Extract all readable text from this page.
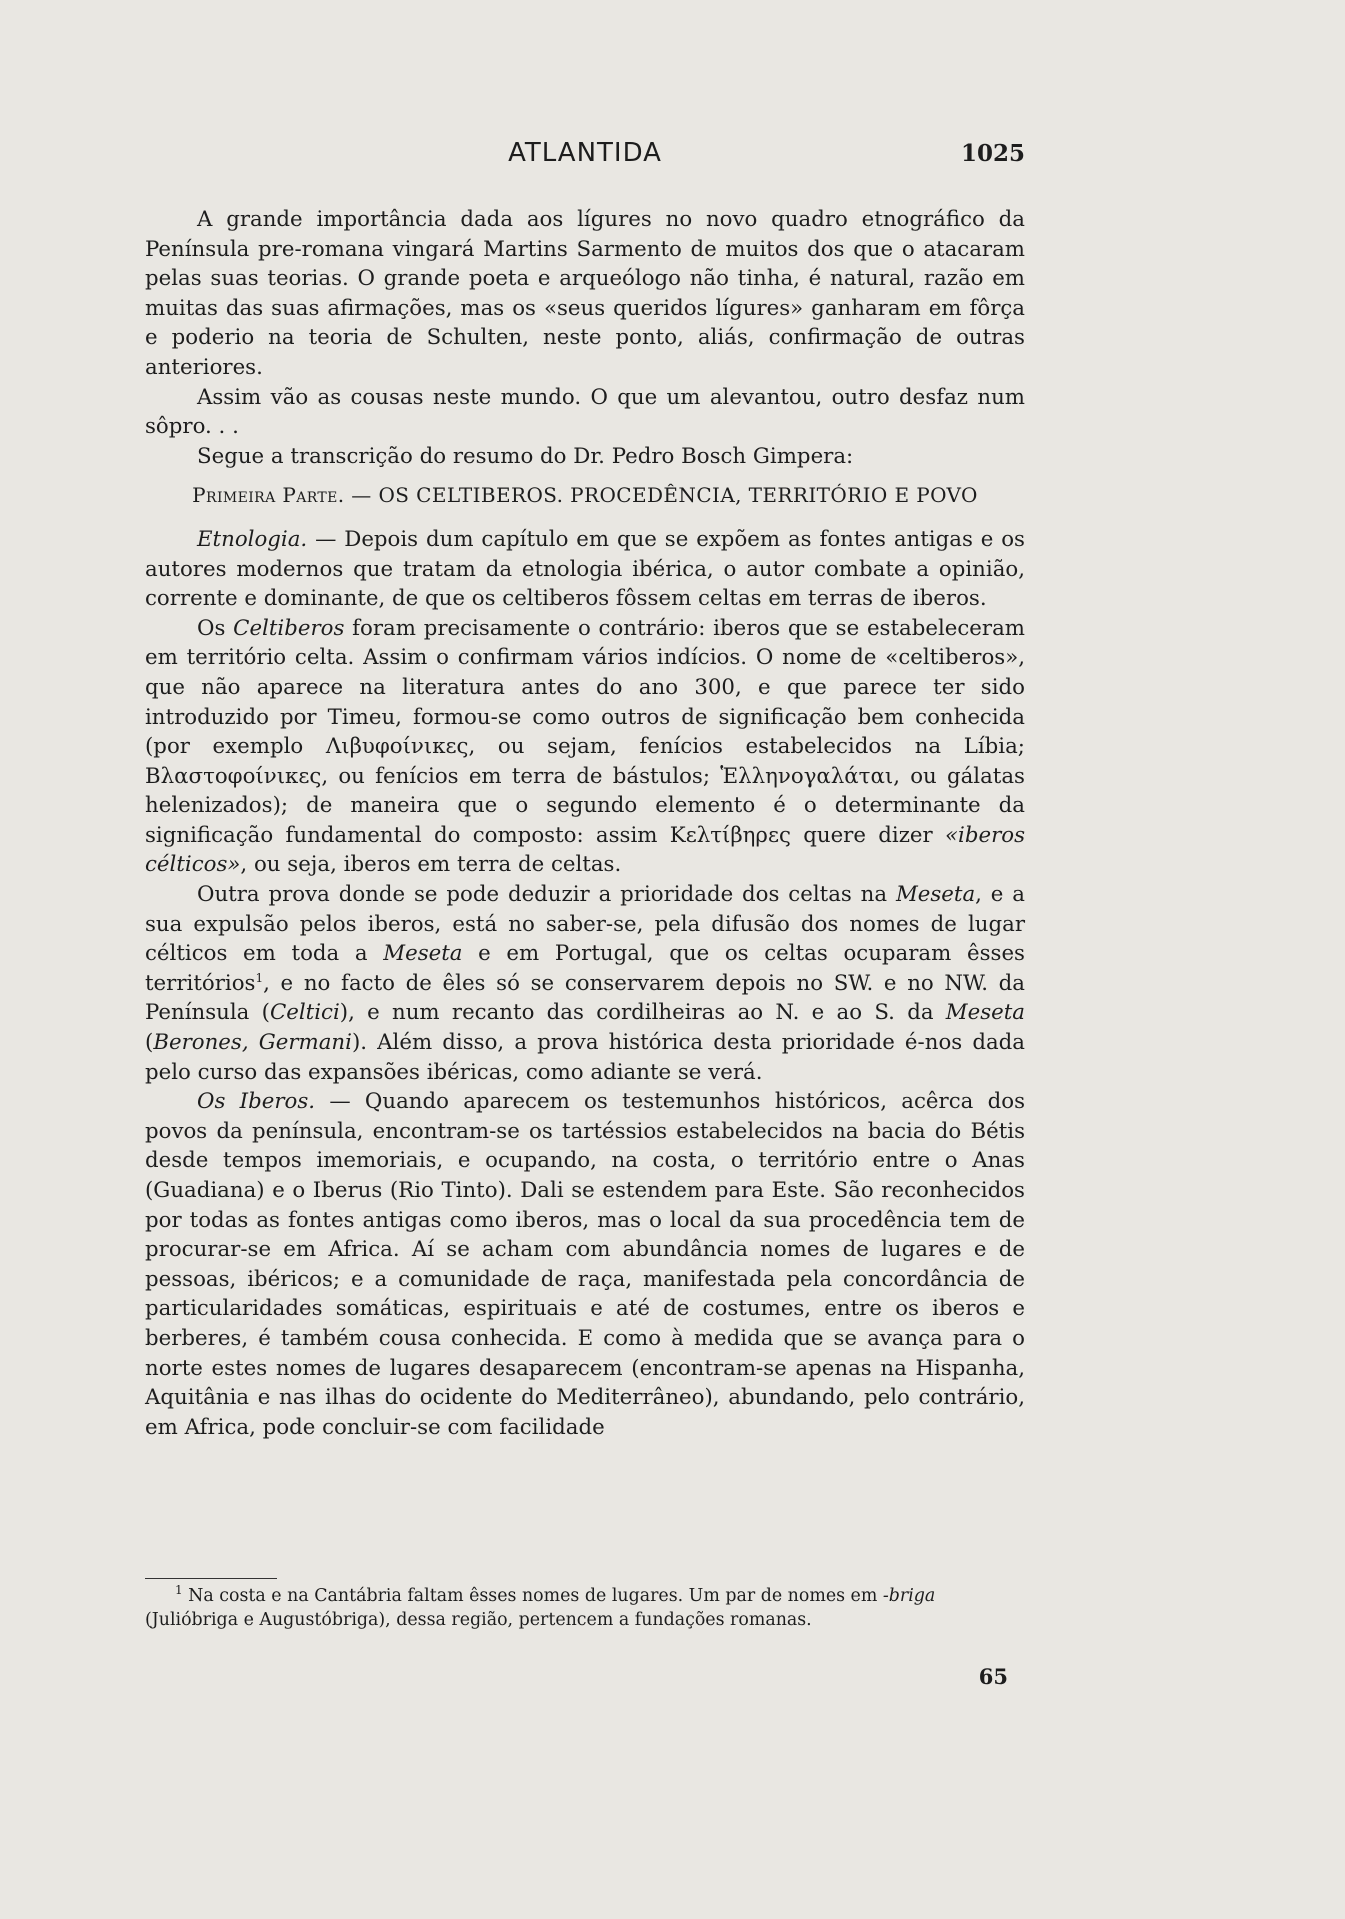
ATLANTIDA	1025

A grande importância dada aos lígures no novo quadro etnográfico da Península pre-romana vingará Martins Sarmento de muitos dos que o atacaram pelas suas teorias. O grande poeta e arqueólogo não tinha, é natural, razão em muitas das suas afirmações, mas os «seus queridos lígures» ganharam em fôrça e poderio na teoria de Schulten, neste ponto, aliás, confirmação de outras anteriores.

Assim vão as cousas neste mundo. O que um alevantou, outro desfaz num sôpro. . .

Segue a transcrição do resumo do Dr. Pedro Bosch Gimpera:

Primeira Parte. — OS CELTIBEROS. PROCEDÊNCIA, TERRITÓRIO E POVO

Etnologia. — Depois dum capítulo em que se expõem as fontes antigas e os autores modernos que tratam da etnologia ibérica, o autor combate a opinião, corrente e dominante, de que os celtiberos fôssem celtas em terras de iberos.

Os Celtiberos foram precisamente o contrário: iberos que se estabeleceram em território celta. Assim o confirmam vários indícios. O nome de «celtiberos», que não aparece na literatura antes do ano 300, e que parece ter sido introduzido por Timeu, formou-se como outros de significação bem conhecida (por exemplo Λιβυφοίνικες, ou sejam, fenícios estabelecidos na Líbia; Βλαστοφοίνικες, ou fenícios em terra de bástulos; Ἑλληνογαλάται, ou gálatas helenizados); de maneira que o segundo elemento é o determinante da significação fundamental do composto: assim Κελτίβηρες quere dizer «iberos célticos», ou seja, iberos em terra de celtas.

Outra prova donde se pode deduzir a prioridade dos celtas na Meseta, e a sua expulsão pelos iberos, está no saber-se, pela difusão dos nomes de lugar célticos em toda a Meseta e em Portugal, que os celtas ocuparam êsses territórios$^1$, e no facto de êles só se conservarem depois no SW. e no NW. da Península (Celtici), e num recanto das cordilheiras ao N. e ao S. da Meseta (Berones, Germani). Além disso, a prova histórica desta prioridade é-nos dada pelo curso das expansões ibéricas, como adiante se verá.

Os Iberos. — Quando aparecem os testemunhos históricos, acêrca dos povos da península, encontram-se os tartéssios estabelecidos na bacia do Bétis desde tempos imemoriais, e ocupando, na costa, o território entre o Anas (Guadiana) e o Iberus (Rio Tinto). Dali se estendem para Este. São reconhecidos por todas as fontes antigas como iberos, mas o local da sua procedência tem de procurar-se em Africa. Aí se acham com abundância nomes de lugares e de pessoas, ibéricos; e a comunidade de raça, manifestada pela concordância de particularidades somáticas, espirituais e até de costumes, entre os iberos e berberes, é também cousa conhecida. E como à medida que se avança para o norte estes nomes de lugares desaparecem (encontram-se apenas na Hispanha, Aquitânia e nas ilhas do ocidente do Mediterrâneo), abundando, pelo contrário, em Africa, pode concluir-se com facilidade

$^1$ Na costa e na Cantábria faltam êsses nomes de lugares. Um par de nomes em -briga (Julióbriga e Augustóbriga), dessa região, pertencem a fundações romanas.

65
